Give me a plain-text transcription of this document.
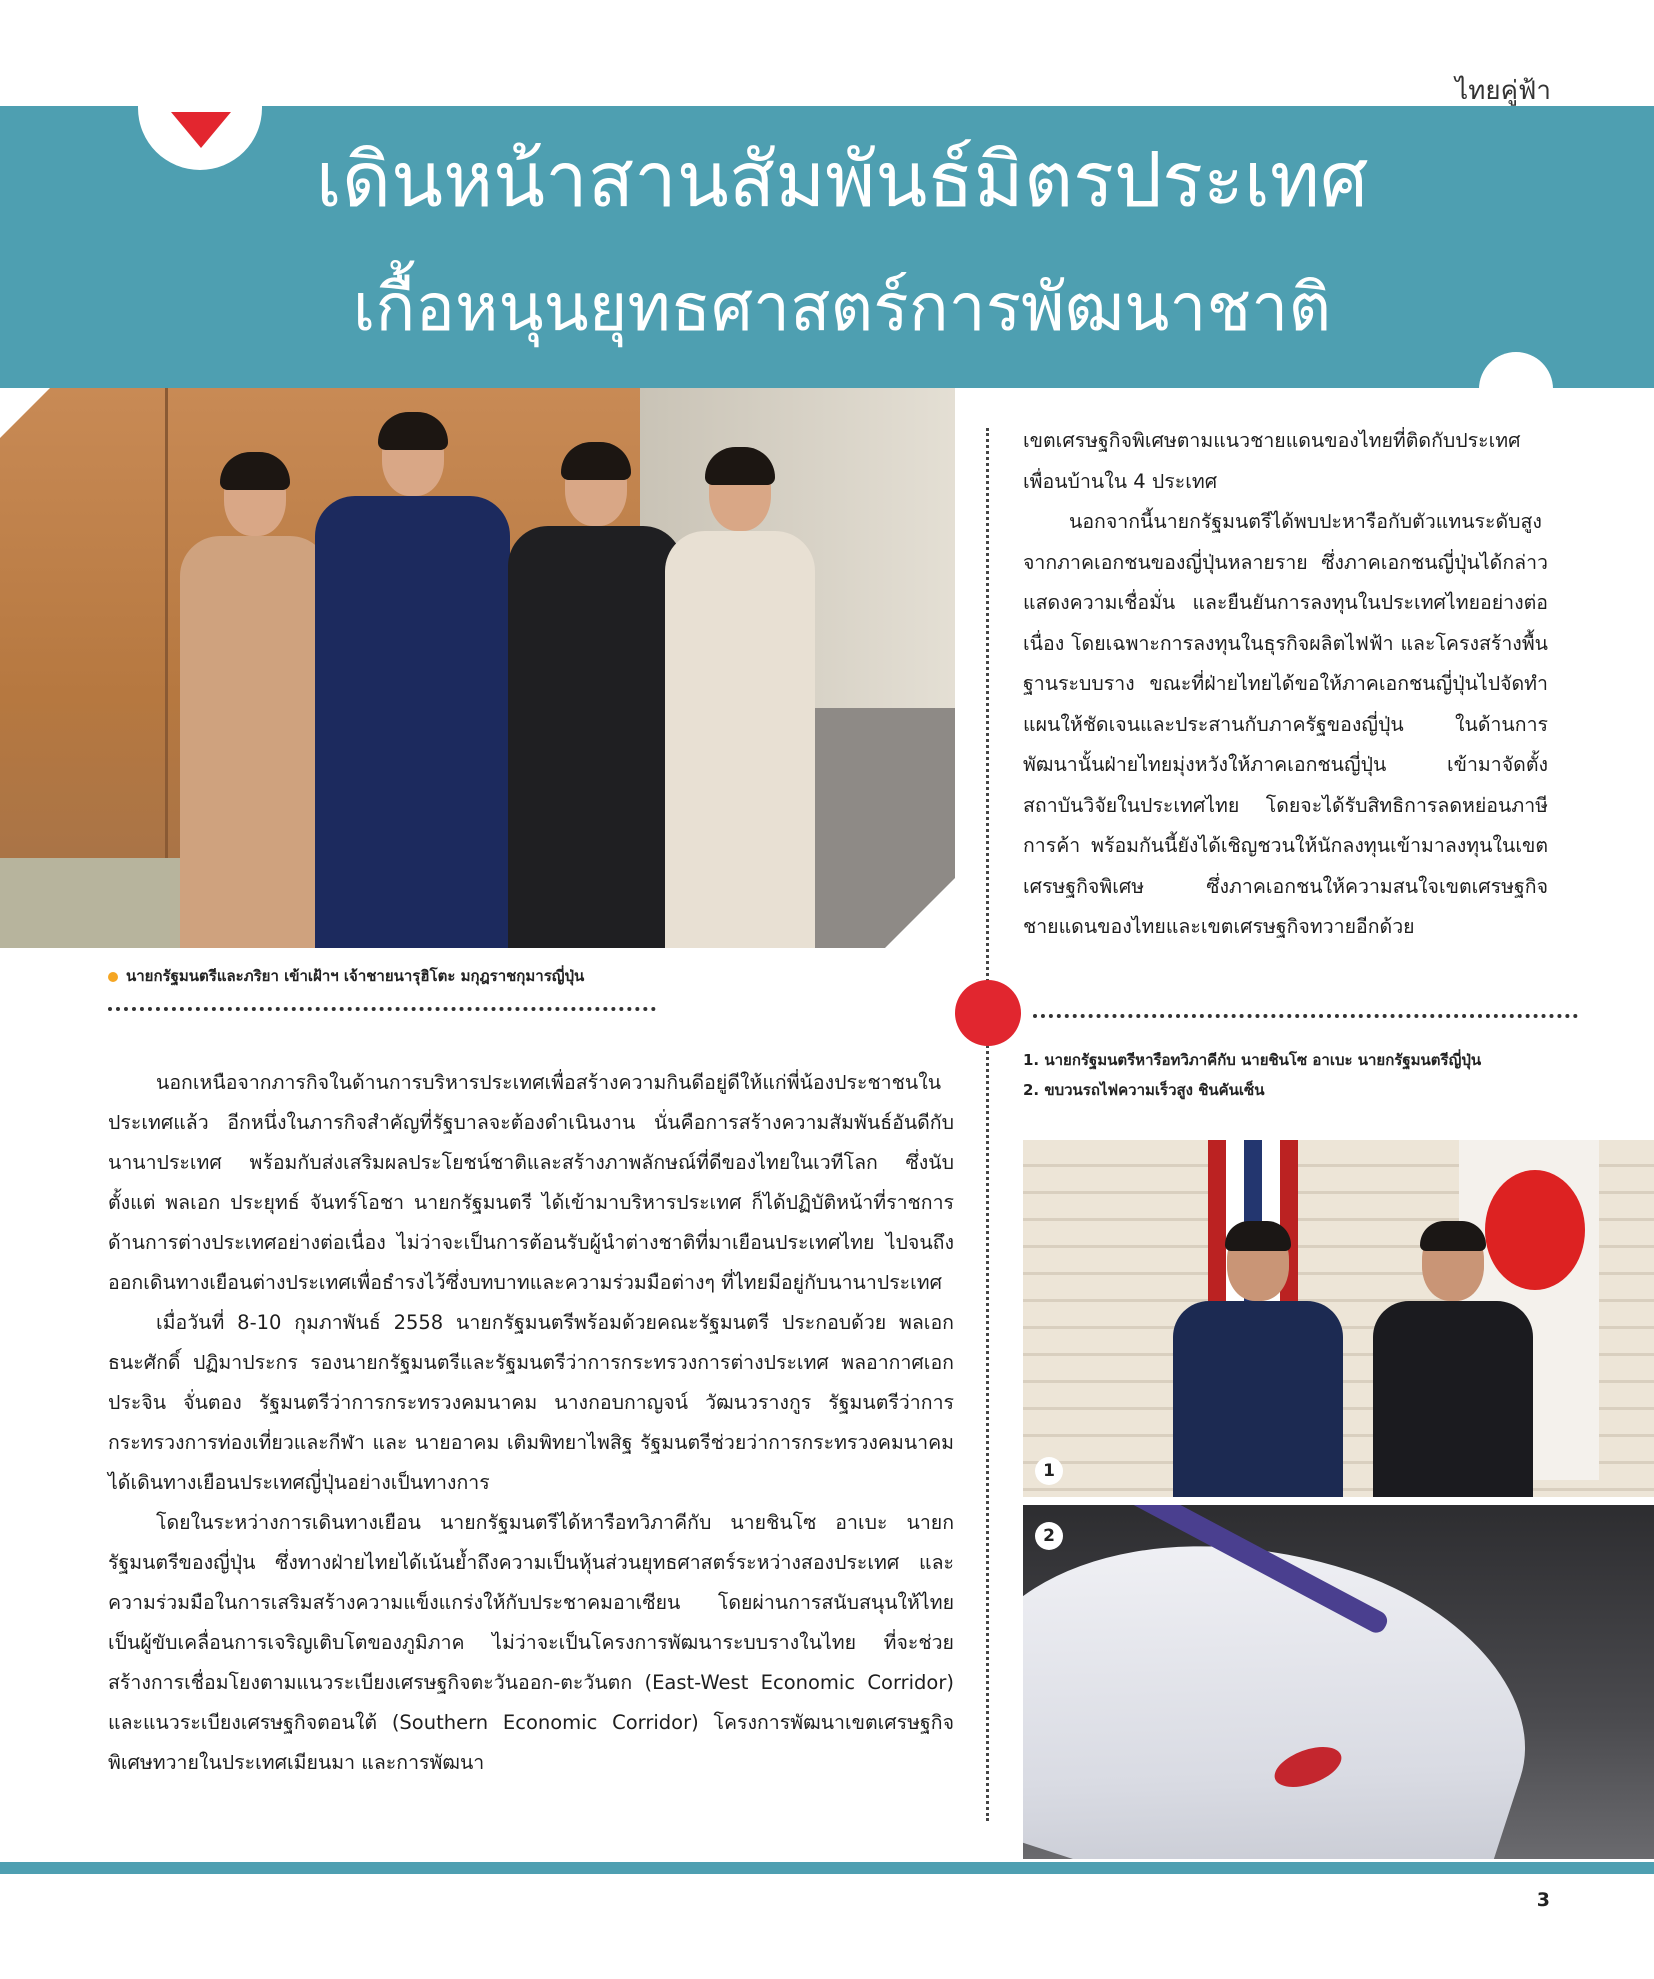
ไทยคู่ฟ้า
เดินหน้าสานสัมพันธ์มิตรประเทศ
เกื้อหนุนยุทธศาสตร์การพัฒนาชาติ
นายกรัฐมนตรีและภริยา เข้าเฝ้าฯ เจ้าชายนารุฮิโตะ มกุฎราชกุมารญี่ปุ่น

นอกเหนือจากภารกิจในด้านการบริหารประเทศเพื่อสร้างความกินดีอยู่ดีให้แก่พี่น้องประชาชนในประเทศแล้ว อีกหนึ่งในภารกิจสำคัญที่รัฐบาลจะต้องดำเนินงาน นั่นคือการสร้างความสัมพันธ์อันดีกับนานาประเทศ พร้อมกับส่งเสริมผลประโยชน์ชาติและสร้างภาพลักษณ์ที่ดีของไทยในเวทีโลก ซึ่งนับตั้งแต่ พลเอก ประยุทธ์ จันทร์โอชา นายกรัฐมนตรี ได้เข้ามาบริหารประเทศ ก็ได้ปฏิบัติหน้าที่ราชการด้านการต่างประเทศอย่างต่อเนื่อง ไม่ว่าจะเป็นการต้อนรับผู้นำต่างชาติที่มาเยือนประเทศไทย ไปจนถึงออกเดินทางเยือนต่างประเทศเพื่อธำรงไว้ซึ่งบทบาทและความร่วมมือต่างๆ ที่ไทยมีอยู่กับนานาประเทศ

เมื่อวันที่ 8-10 กุมภาพันธ์ 2558 นายกรัฐมนตรีพร้อมด้วยคณะรัฐมนตรี ประกอบด้วย พลเอก ธนะศักดิ์ ปฏิมาประกร รองนายกรัฐมนตรีและรัฐมนตรีว่าการกระทรวงการต่างประเทศ พลอากาศเอก ประจิน จั่นตอง รัฐมนตรีว่าการกระทรวงคมนาคม นางกอบกาญจน์ วัฒนวรางกูร รัฐมนตรีว่าการกระทรวงการท่องเที่ยวและกีฬา และ นายอาคม เติมพิทยาไพสิฐ รัฐมนตรีช่วยว่าการกระทรวงคมนาคม ได้เดินทางเยือนประเทศญี่ปุ่นอย่างเป็นทางการ

โดยในระหว่างการเดินทางเยือน นายกรัฐมนตรีได้หารือทวิภาคีกับ นายชินโซ อาเบะ นายกรัฐมนตรีของญี่ปุ่น ซึ่งทางฝ่ายไทยได้เน้นย้ำถึงความเป็นหุ้นส่วนยุทธศาสตร์ระหว่างสองประเทศ และความร่วมมือในการเสริมสร้างความแข็งแกร่งให้กับประชาคมอาเซียน โดยผ่านการสนับสนุนให้ไทยเป็นผู้ขับเคลื่อนการเจริญเติบโตของภูมิภาค ไม่ว่าจะเป็นโครงการพัฒนาระบบรางในไทย ที่จะช่วยสร้างการเชื่อมโยงตามแนวระเบียงเศรษฐกิจตะวันออก-ตะวันตก (East-West Economic Corridor) และแนวระเบียงเศรษฐกิจตอนใต้ (Southern Economic Corridor) โครงการพัฒนาเขตเศรษฐกิจพิเศษทวายในประเทศเมียนมา และการพัฒนา

เขตเศรษฐกิจพิเศษตามแนวชายแดนของไทยที่ติดกับประเทศเพื่อนบ้านใน 4 ประเทศ

นอกจากนี้นายกรัฐมนตรีได้พบปะหารือกับตัวแทนระดับสูงจากภาคเอกชนของญี่ปุ่นหลายราย ซึ่งภาคเอกชนญี่ปุ่นได้กล่าวแสดงความเชื่อมั่น และยืนยันการลงทุนในประเทศไทยอย่างต่อเนื่อง โดยเฉพาะการลงทุนในธุรกิจผลิตไฟฟ้า และโครงสร้างพื้นฐานระบบราง ขณะที่ฝ่ายไทยได้ขอให้ภาคเอกชนญี่ปุ่นไปจัดทำแผนให้ชัดเจนและประสานกับภาครัฐของญี่ปุ่น ในด้านการพัฒนานั้นฝ่ายไทยมุ่งหวังให้ภาคเอกชนญี่ปุ่น เข้ามาจัดตั้งสถาบันวิจัยในประเทศไทย โดยจะได้รับสิทธิการลดหย่อนภาษีการค้า พร้อมกันนี้ยังได้เชิญชวนให้นักลงทุนเข้ามาลงทุนในเขตเศรษฐกิจพิเศษ ซึ่งภาคเอกชนให้ความสนใจเขตเศรษฐกิจชายแดนของไทยและเขตเศรษฐกิจทวายอีกด้วย

1. นายกรัฐมนตรีหารือทวิภาคีกับ นายชินโซ อาเบะ นายกรัฐมนตรีญี่ปุ่น
2. ขบวนรถไฟความเร็วสูง ชินคันเซ็น
1
2
3
